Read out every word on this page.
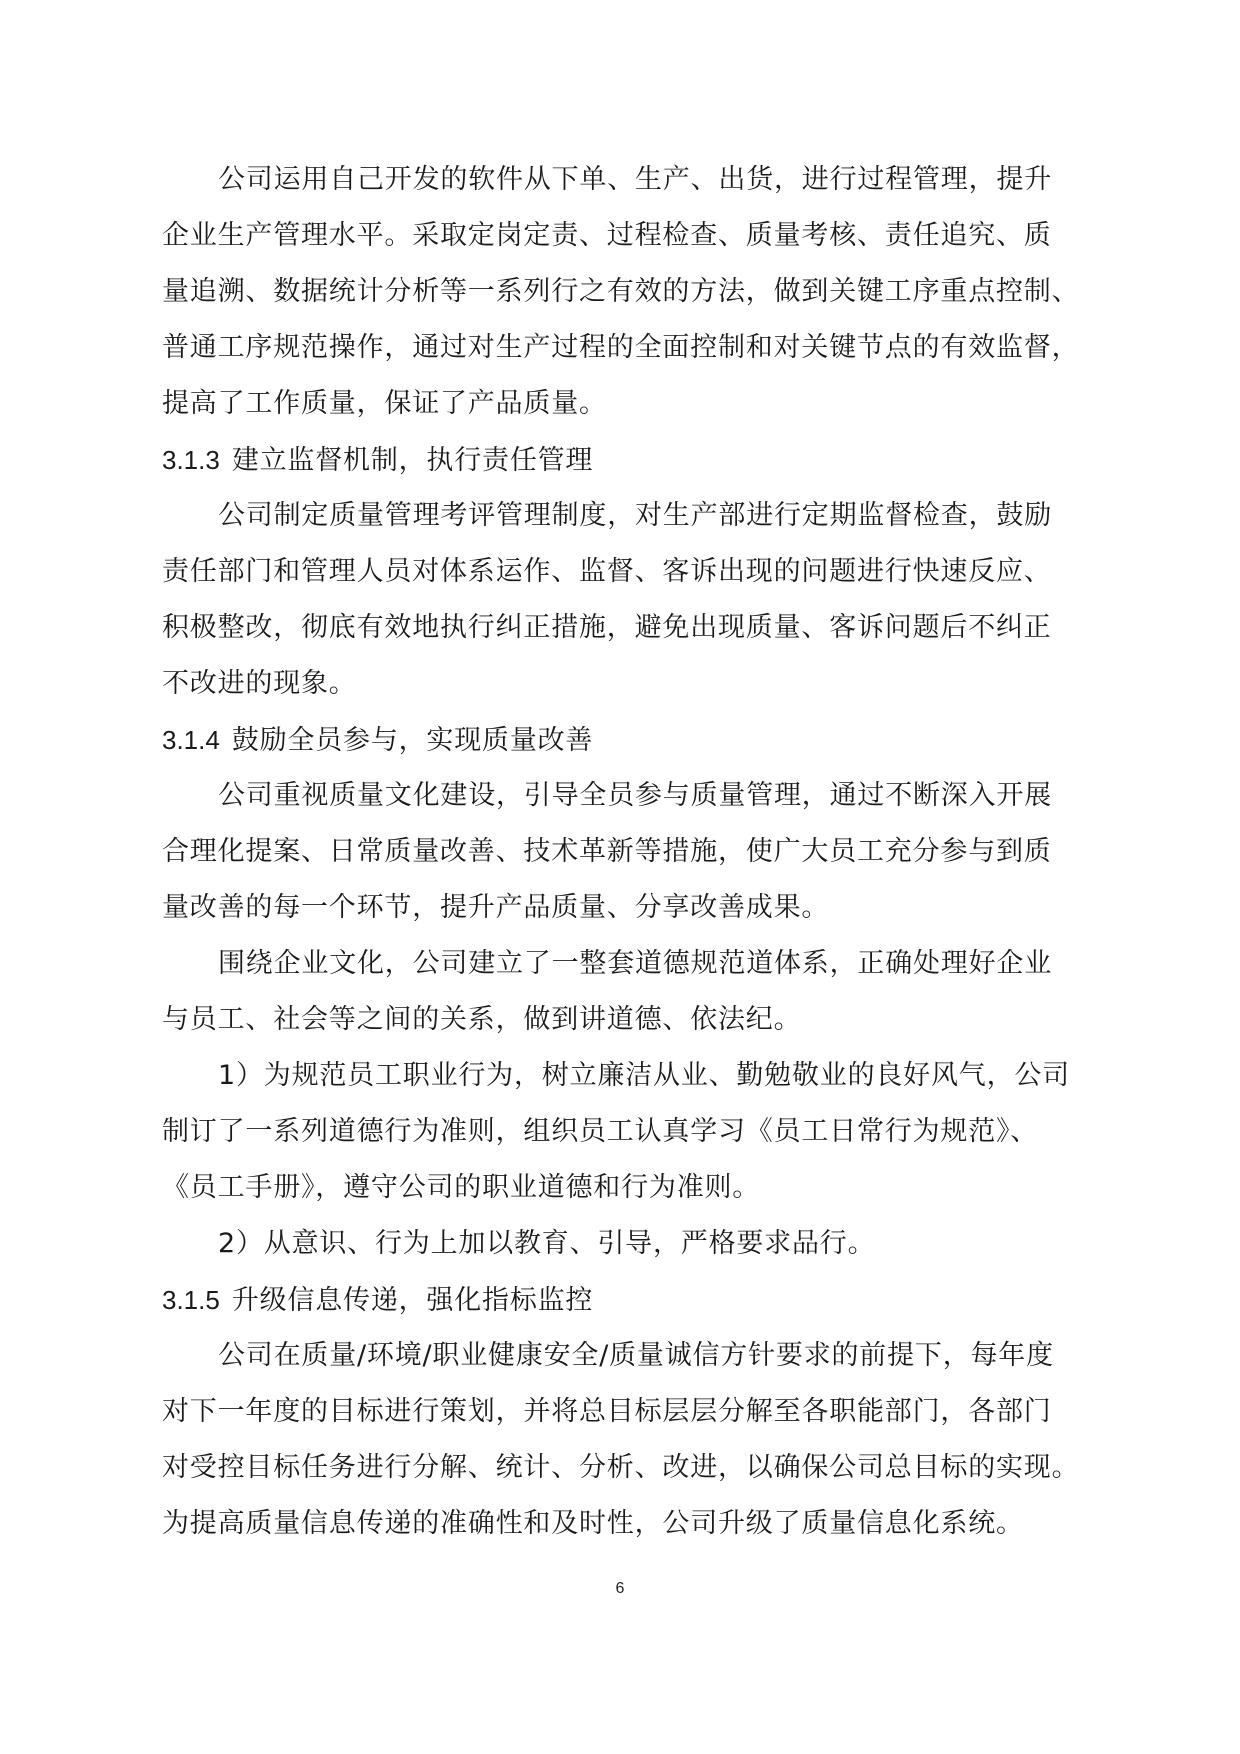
公司运用自己开发的软件从下单、生产、出货，进行过程管理，提升
企业生产管理水平。采取定岗定责、过程检查、质量考核、责任追究、质
量追溯、数据统计分析等一系列行之有效的方法，做到关键工序重点控制、
普通工序规范操作，通过对生产过程的全面控制和对关键节点的有效监督，
提高了工作质量，保证了产品质量。
3.1.3 建立监督机制，执行责任管理
公司制定质量管理考评管理制度，对生产部进行定期监督检查，鼓励
责任部门和管理人员对体系运作、监督、客诉出现的问题进行快速反应、
积极整改，彻底有效地执行纠正措施，避免出现质量、客诉问题后不纠正
不改进的现象。
3.1.4 鼓励全员参与，实现质量改善
公司重视质量文化建设，引导全员参与质量管理，通过不断深入开展
合理化提案、日常质量改善、技术革新等措施，使广大员工充分参与到质
量改善的每一个环节，提升产品质量、分享改善成果。
围绕企业文化，公司建立了一整套道德规范道体系，正确处理好企业
与员工、社会等之间的关系，做到讲道德、依法纪。
1）为规范员工职业行为，树立廉洁从业、勤勉敬业的良好风气，公司
制订了一系列道德行为准则，组织员工认真学习《员工日常行为规范》、
《员工手册》，遵守公司的职业道德和行为准则。
2）从意识、行为上加以教育、引导，严格要求品行。
3.1.5 升级信息传递，强化指标监控
公司在质量/环境/职业健康安全/质量诚信方针要求的前提下，每年度
对下一年度的目标进行策划，并将总目标层层分解至各职能部门，各部门
对受控目标任务进行分解、统计、分析、改进，以确保公司总目标的实现。
为提高质量信息传递的准确性和及时性，公司升级了质量信息化系统。
6
